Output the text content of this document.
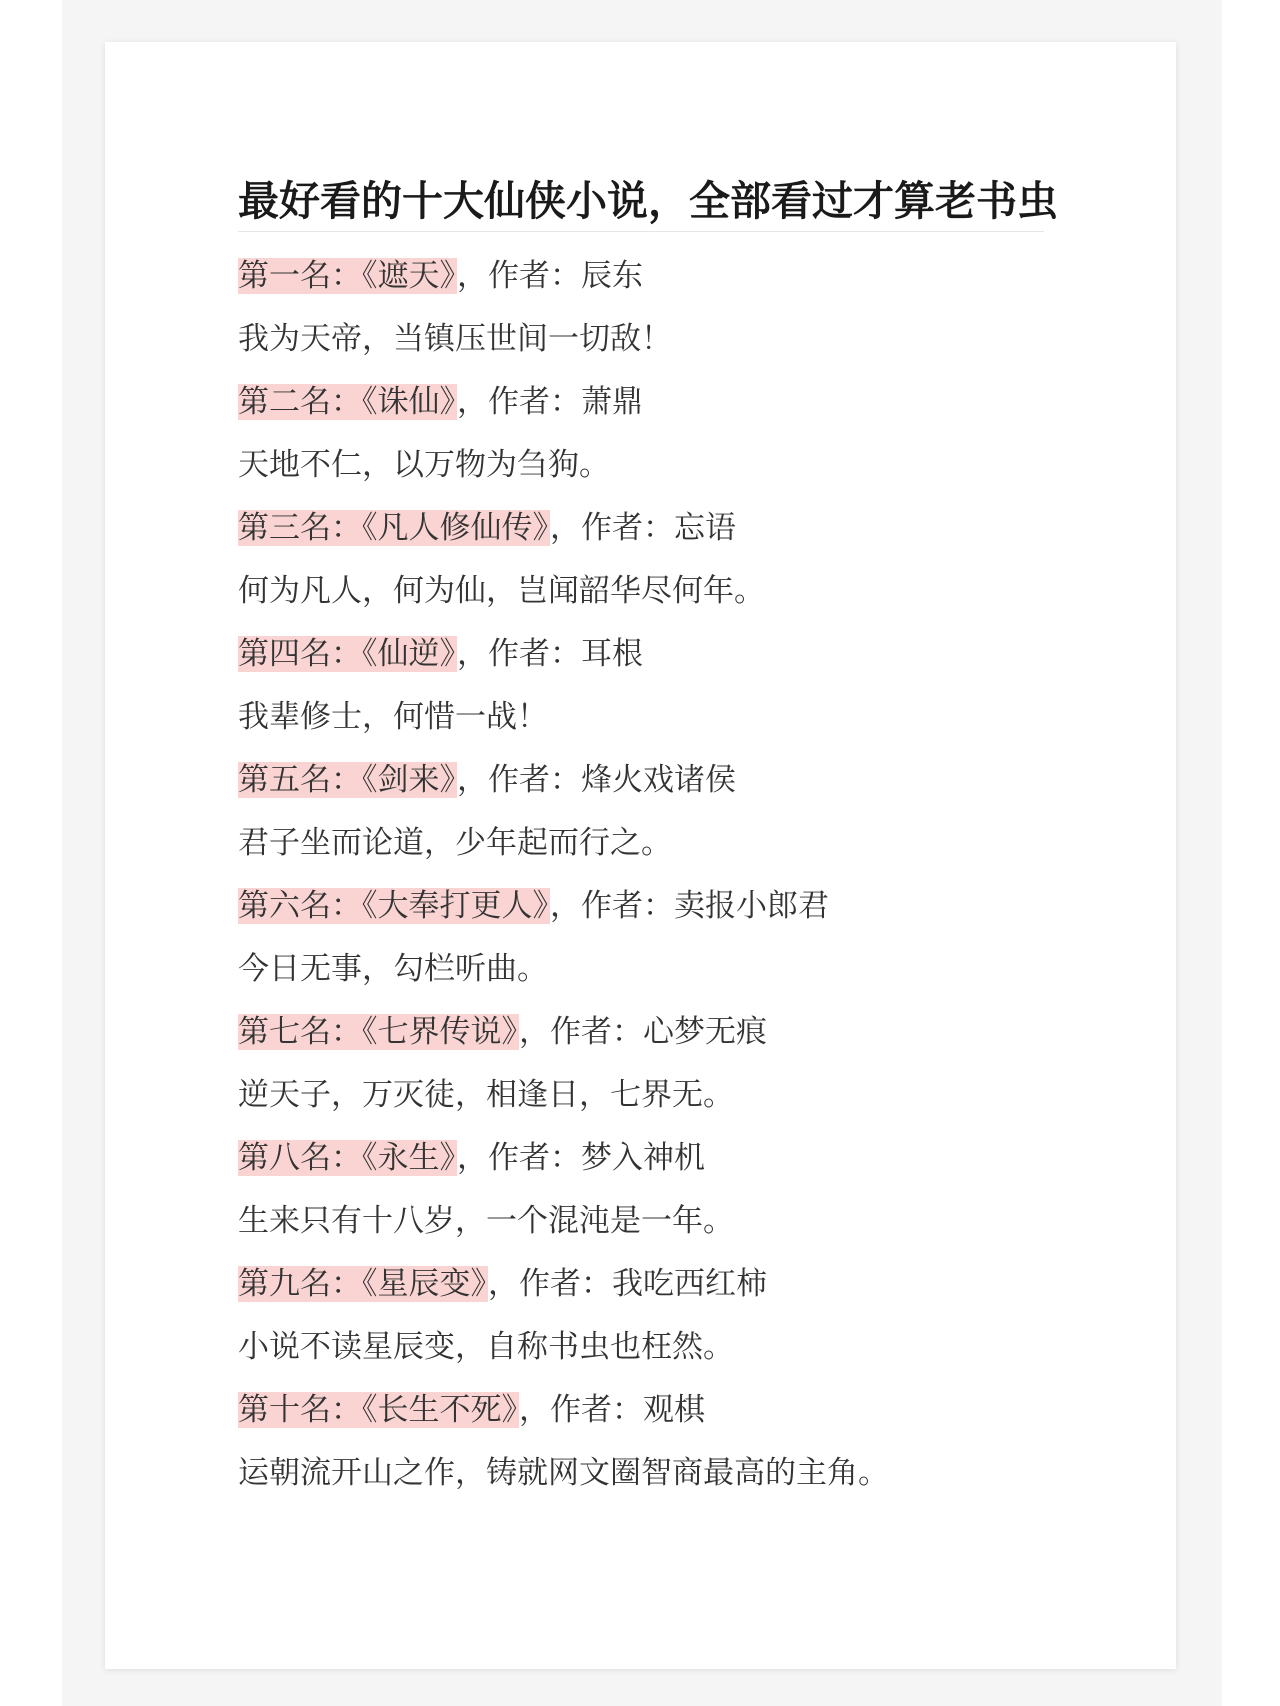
最好看的十大仙侠小说，全部看过才算老书虫
第一名：《遮天》，作者：辰东
我为天帝，当镇压世间一切敌！
第二名：《诛仙》，作者：萧鼎
天地不仁，以万物为刍狗。
第三名：《凡人修仙传》，作者：忘语
何为凡人，何为仙，岂闻韶华尽何年。
第四名：《仙逆》，作者：耳根
我辈修士，何惜一战！
第五名：《剑来》，作者：烽火戏诸侯
君子坐而论道，少年起而行之。
第六名：《大奉打更人》，作者：卖报小郎君
今日无事，勾栏听曲。
第七名：《七界传说》，作者：心梦无痕
逆天子，万灭徒，相逢日，七界无。
第八名：《永生》，作者：梦入神机
生来只有十八岁，一个混沌是一年。
第九名：《星辰变》，作者：我吃西红柿
小说不读星辰变，自称书虫也枉然。
第十名：《长生不死》，作者：观棋
运朝流开山之作，铸就网文圈智商最高的主角。
